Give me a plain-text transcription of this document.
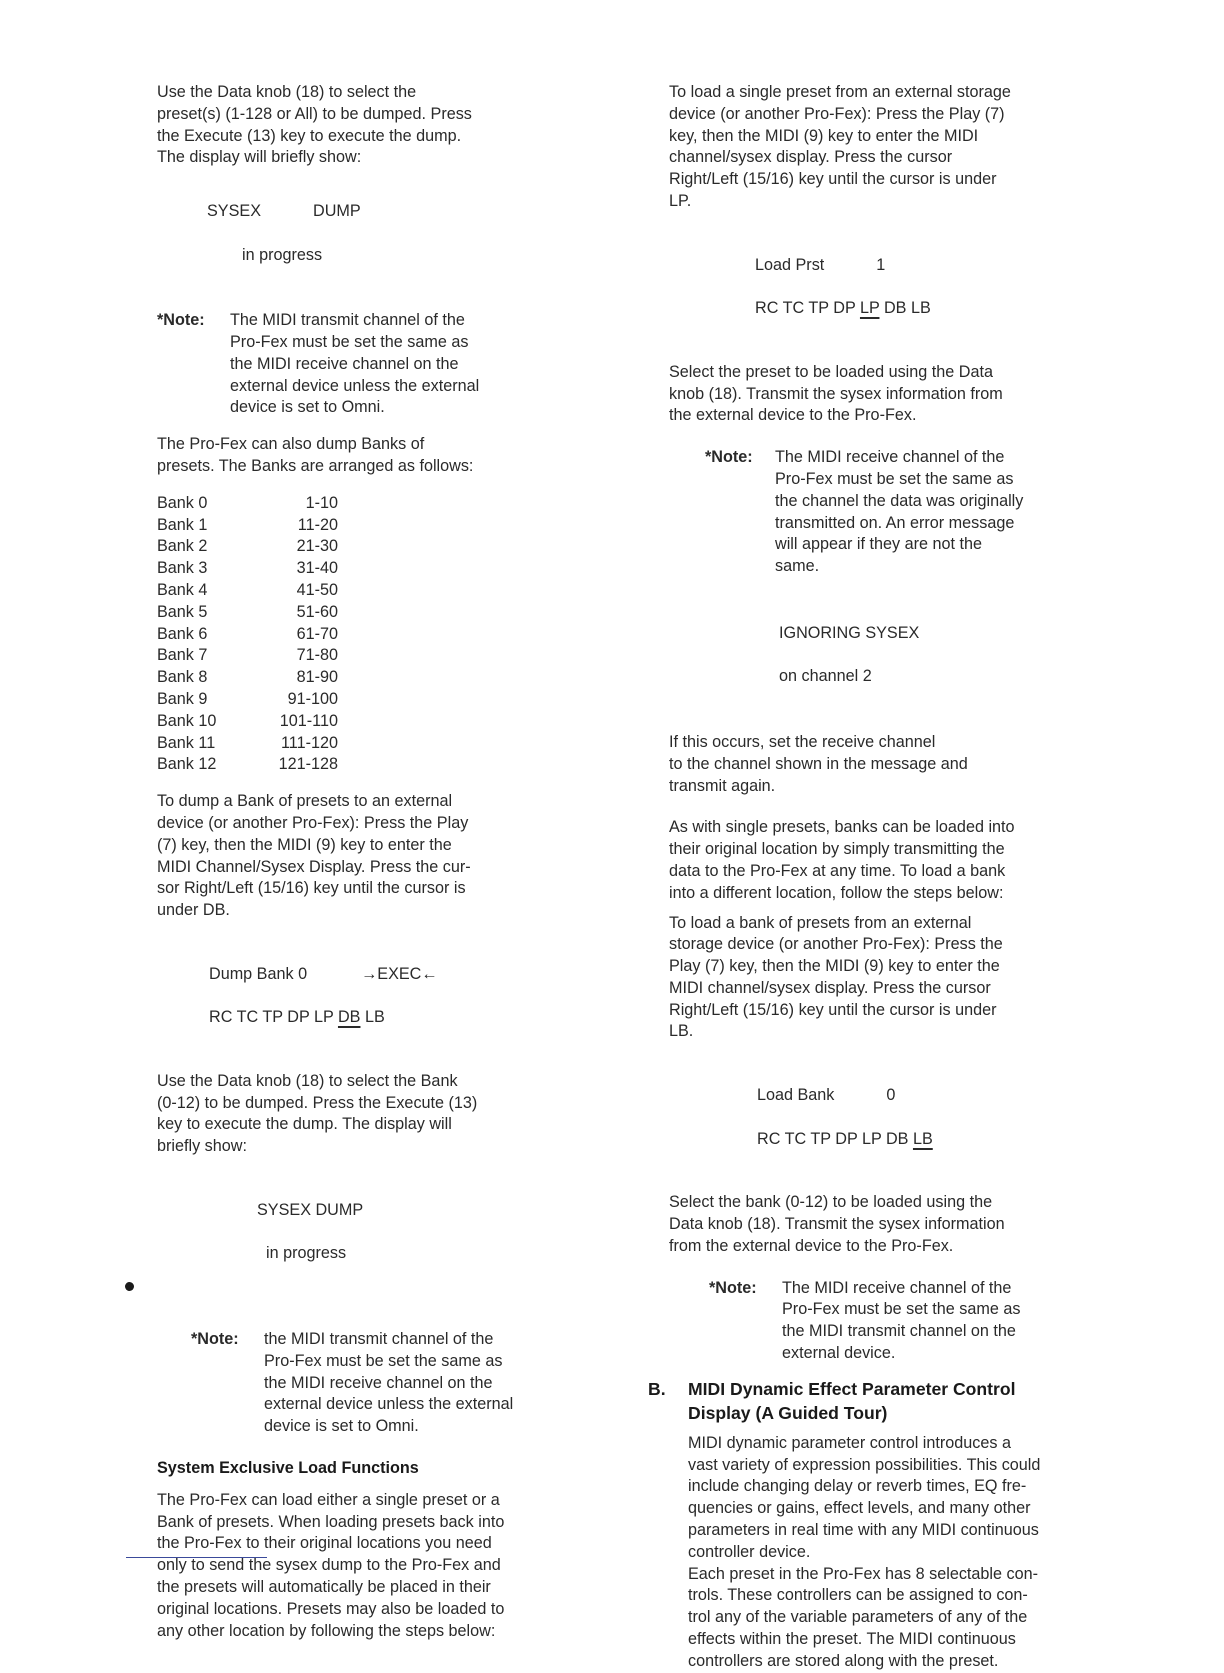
Use the Data knob (18) to select the
preset(s) (1-128 or All) to be dumped. Press
the Execute (13) key to execute the dump.
The display will briefly show:

SYSEX	DUMP

in progress

*Note:	The MIDI transmit channel of the
Pro-Fex must be set the same as
the MIDI receive channel on the
external device unless the external
device is set to Omni.

The Pro-Fex can also dump Banks of
presets. The Banks are arranged as follows:

Bank 0	1-10
Bank 1	11-20
Bank 2	21-30
Bank 3	31-40
Bank 4	41-50
Bank 5	51-60
Bank 6	61-70
Bank 7	71-80
Bank 8	81-90
Bank 9	91-100
Bank 10	101-110
Bank 11	111-120
Bank 12	121-128

To dump a Bank of presets to an external
device (or another Pro-Fex): Press the Play
(7) key, then the MIDI (9) key to enter the
MIDI Channel/Sysex Display. Press the cur-
sor Right/Left (15/16) key until the cursor is
under DB.

Dump Bank 0	→EXEC←

RC TC TP DP LP DB LB

Use the Data knob (18) to select the Bank
(0-12) to be dumped. Press the Execute (13)
key to execute the dump. The display will
briefly show:

SYSEX DUMP

in progress

*Note:	the MIDI transmit channel of the
Pro-Fex must be set the same as
the MIDI receive channel on the
external device unless the external
device is set to Omni.

System Exclusive Load Functions

The Pro-Fex can load either a single preset or a
Bank of presets. When loading presets back into
the Pro-Fex to their original locations you need
only to send the sysex dump to the Pro-Fex and
the presets will automatically be placed in their
original locations. Presets may also be loaded to
any other location by following the steps below:

To load a single preset from an external storage
device (or another Pro-Fex): Press the Play (7)
key, then the MIDI (9) key to enter the MIDI
channel/sysex display. Press the cursor
Right/Left (15/16) key until the cursor is under
LP.

Load Prst	1

RC TC TP DP LP DB LB

Select the preset to be loaded using the Data
knob (18). Transmit the sysex information from
the external device to the Pro-Fex.

*Note:	The MIDI receive channel of the
Pro-Fex must be set the same as
the channel the data was originally
transmitted on. An error message
will appear if they are not the
same.

IGNORING SYSEX

on channel 2

If this occurs, set the receive channel
to the channel shown in the message and
transmit again.

As with single presets, banks can be loaded into
their original location by simply transmitting the
data to the Pro-Fex at any time. To load a bank
into a different location, follow the steps below:

To load a bank of presets from an external
storage device (or another Pro-Fex): Press the
Play (7) key, then the MIDI (9) key to enter the
MIDI channel/sysex display. Press the cursor
Right/Left (15/16) key until the cursor is under
LB.

Load Bank	0

RC TC TP DP LP DB LB

Select the bank (0-12) to be loaded using the
Data knob (18). Transmit the sysex information
from the external device to the Pro-Fex.

*Note:	The MIDI receive channel of the
Pro-Fex must be set the same as
the MIDI transmit channel on the
external device.
B.	MIDI Dynamic Effect Parameter Control
Display (A Guided Tour)

MIDI dynamic parameter control introduces a
vast variety of expression possibilities. This could
include changing delay or reverb times, EQ fre-
quencies or gains, effect levels, and many other
parameters in real time with any MIDI continuous
controller device.

Each preset in the Pro-Fex has 8 selectable con-
trols. These controllers can be assigned to con-
trol any of the variable parameters of any of the
effects within the preset. The MIDI continuous
controllers are stored along with the preset.
